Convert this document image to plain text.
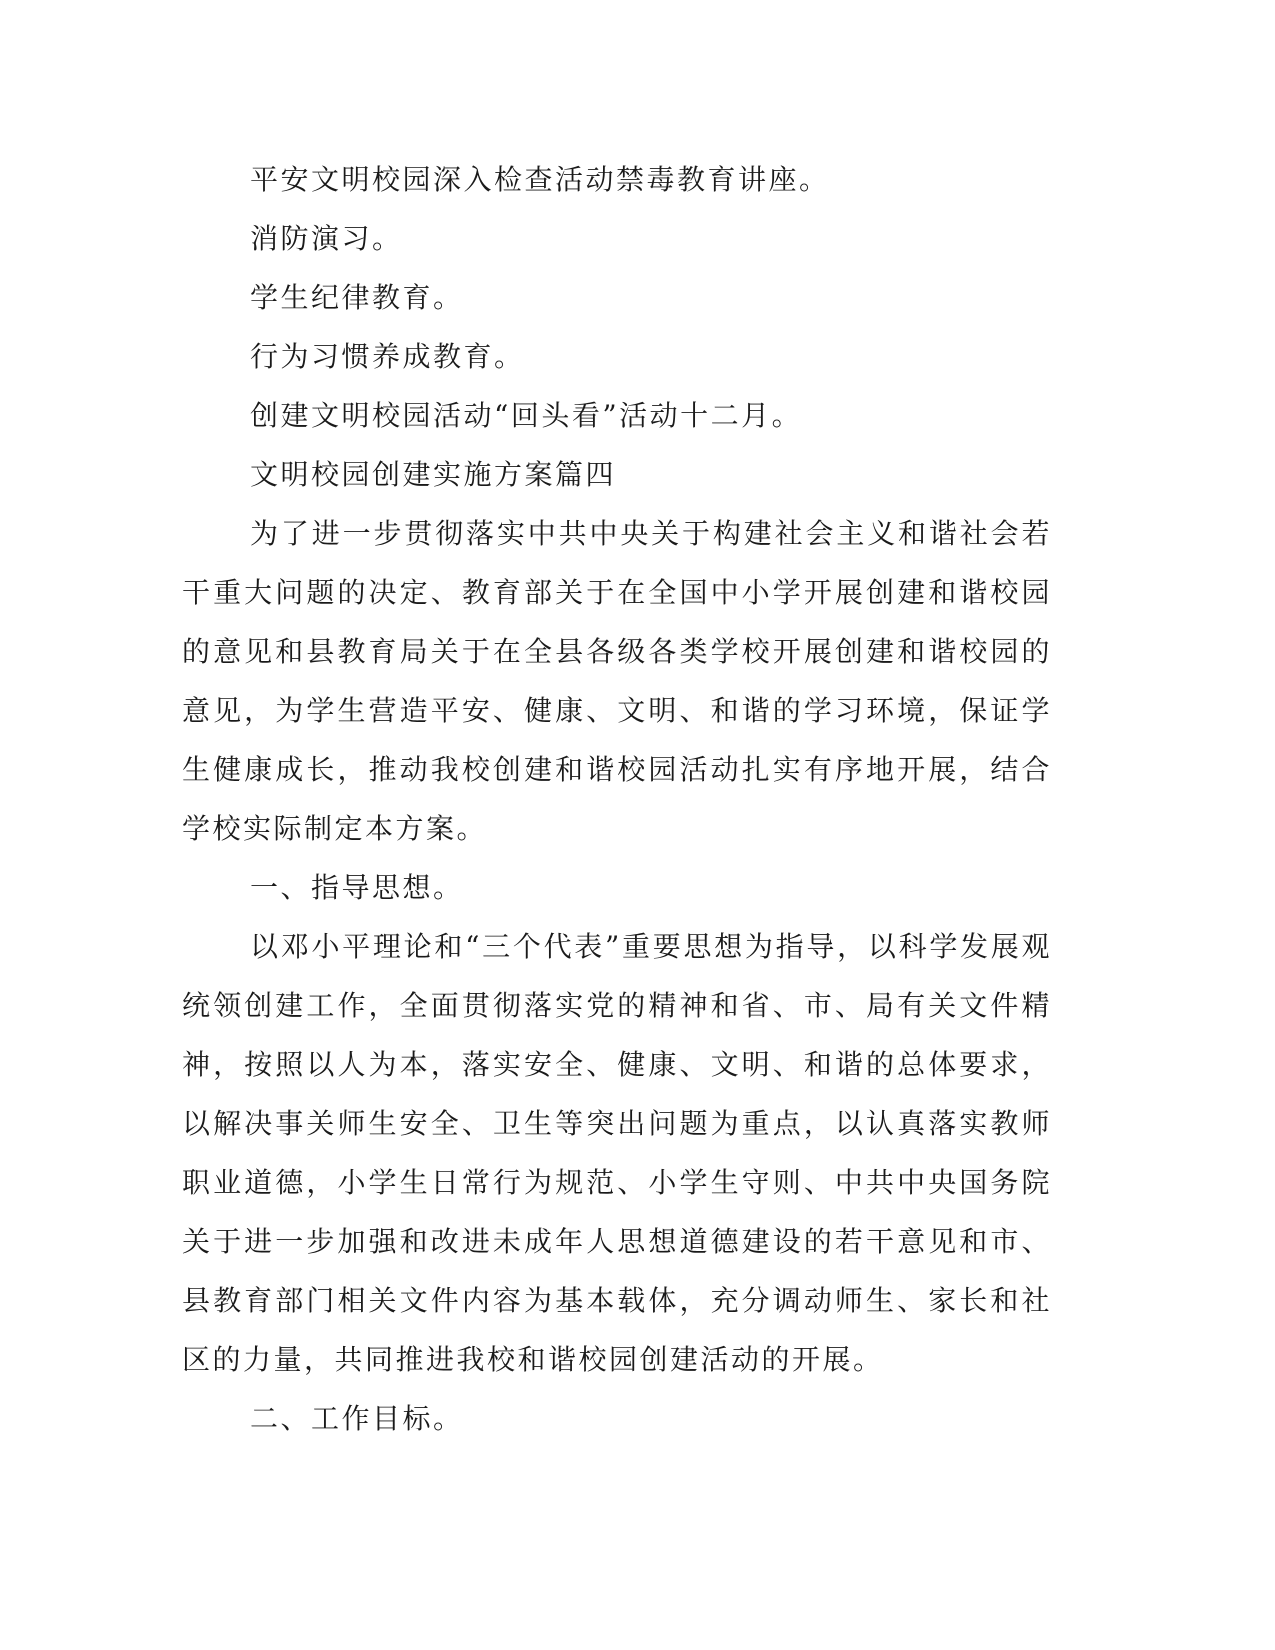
平安文明校园深入检查活动禁毒教育讲座。

消防演习。

学生纪律教育。

行为习惯养成教育。

创建文明校园活动“回头看”活动十二月。

文明校园创建实施方案篇四

为了进一步贯彻落实中共中央关于构建社会主义和谐社会若干重大问题的决定、教育部关于在全国中小学开展创建和谐校园的意见和县教育局关于在全县各级各类学校开展创建和谐校园的意见，为学生营造平安、健康、文明、和谐的学习环境，保证学生健康成长，推动我校创建和谐校园活动扎实有序地开展，结合学校实际制定本方案。

一、指导思想。

以邓小平理论和“三个代表”重要思想为指导，以科学发展观统领创建工作，全面贯彻落实党的精神和省、市、局有关文件精神，按照以人为本，落实安全、健康、文明、和谐的总体要求，以解决事关师生安全、卫生等突出问题为重点，以认真落实教师职业道德，小学生日常行为规范、小学生守则、中共中央国务院关于进一步加强和改进未成年人思想道德建设的若干意见和市、县教育部门相关文件内容为基本载体，充分调动师生、家长和社区的力量，共同推进我校和谐校园创建活动的开展。

二、工作目标。
